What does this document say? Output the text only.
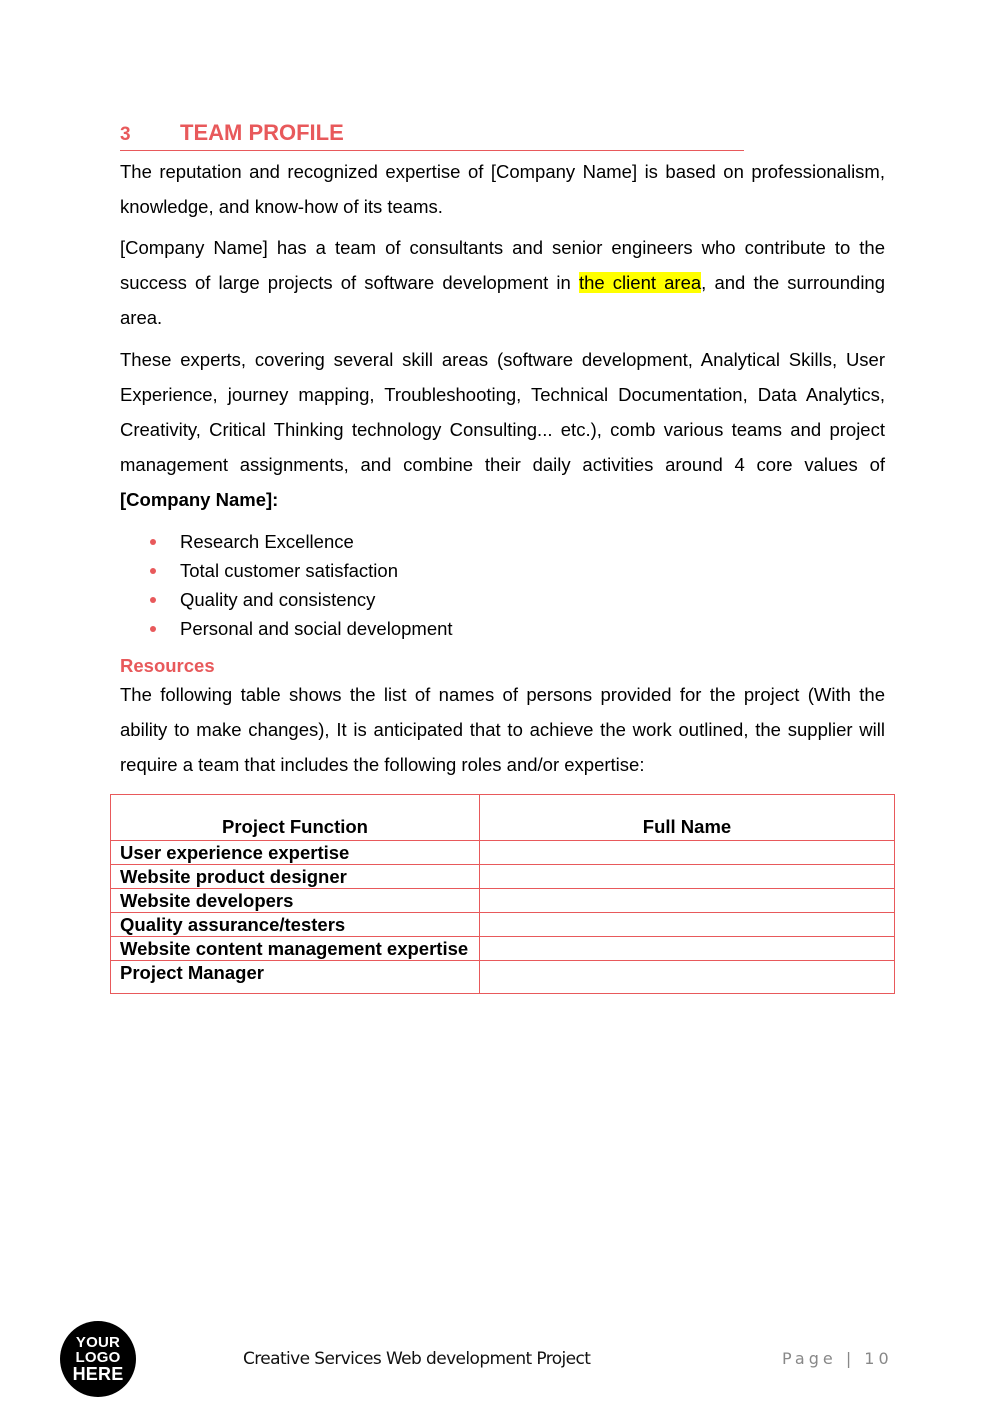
3 TEAM PROFILE
The reputation and recognized expertise of [Company Name] is based on professionalism, knowledge, and know-how of its teams.
[Company Name] has a team of consultants and senior engineers who contribute to the success of large projects of software development in the client area, and the surrounding area.
These experts, covering several skill areas (software development, Analytical Skills, User Experience, journey mapping, Troubleshooting, Technical Documentation, Data Analytics, Creativity, Critical Thinking technology Consulting... etc.), comb various teams and project management assignments, and combine their daily activities around 4 core values of [Company Name]:
Research Excellence
Total customer satisfaction
Quality and consistency
Personal and social development
Resources
The following table shows the list of names of persons provided for the project (With the ability to make changes), It is anticipated that to achieve the work outlined, the supplier will require a team that includes the following roles and/or expertise:
Project Function	Full Name
User experience expertise	
Website product designer	
Website developers	
Quality assurance/testers	
Website content management expertise	
Project Manager	
YOUR
LOGO
HERE
Creative Services Web development Project	Page | 10
